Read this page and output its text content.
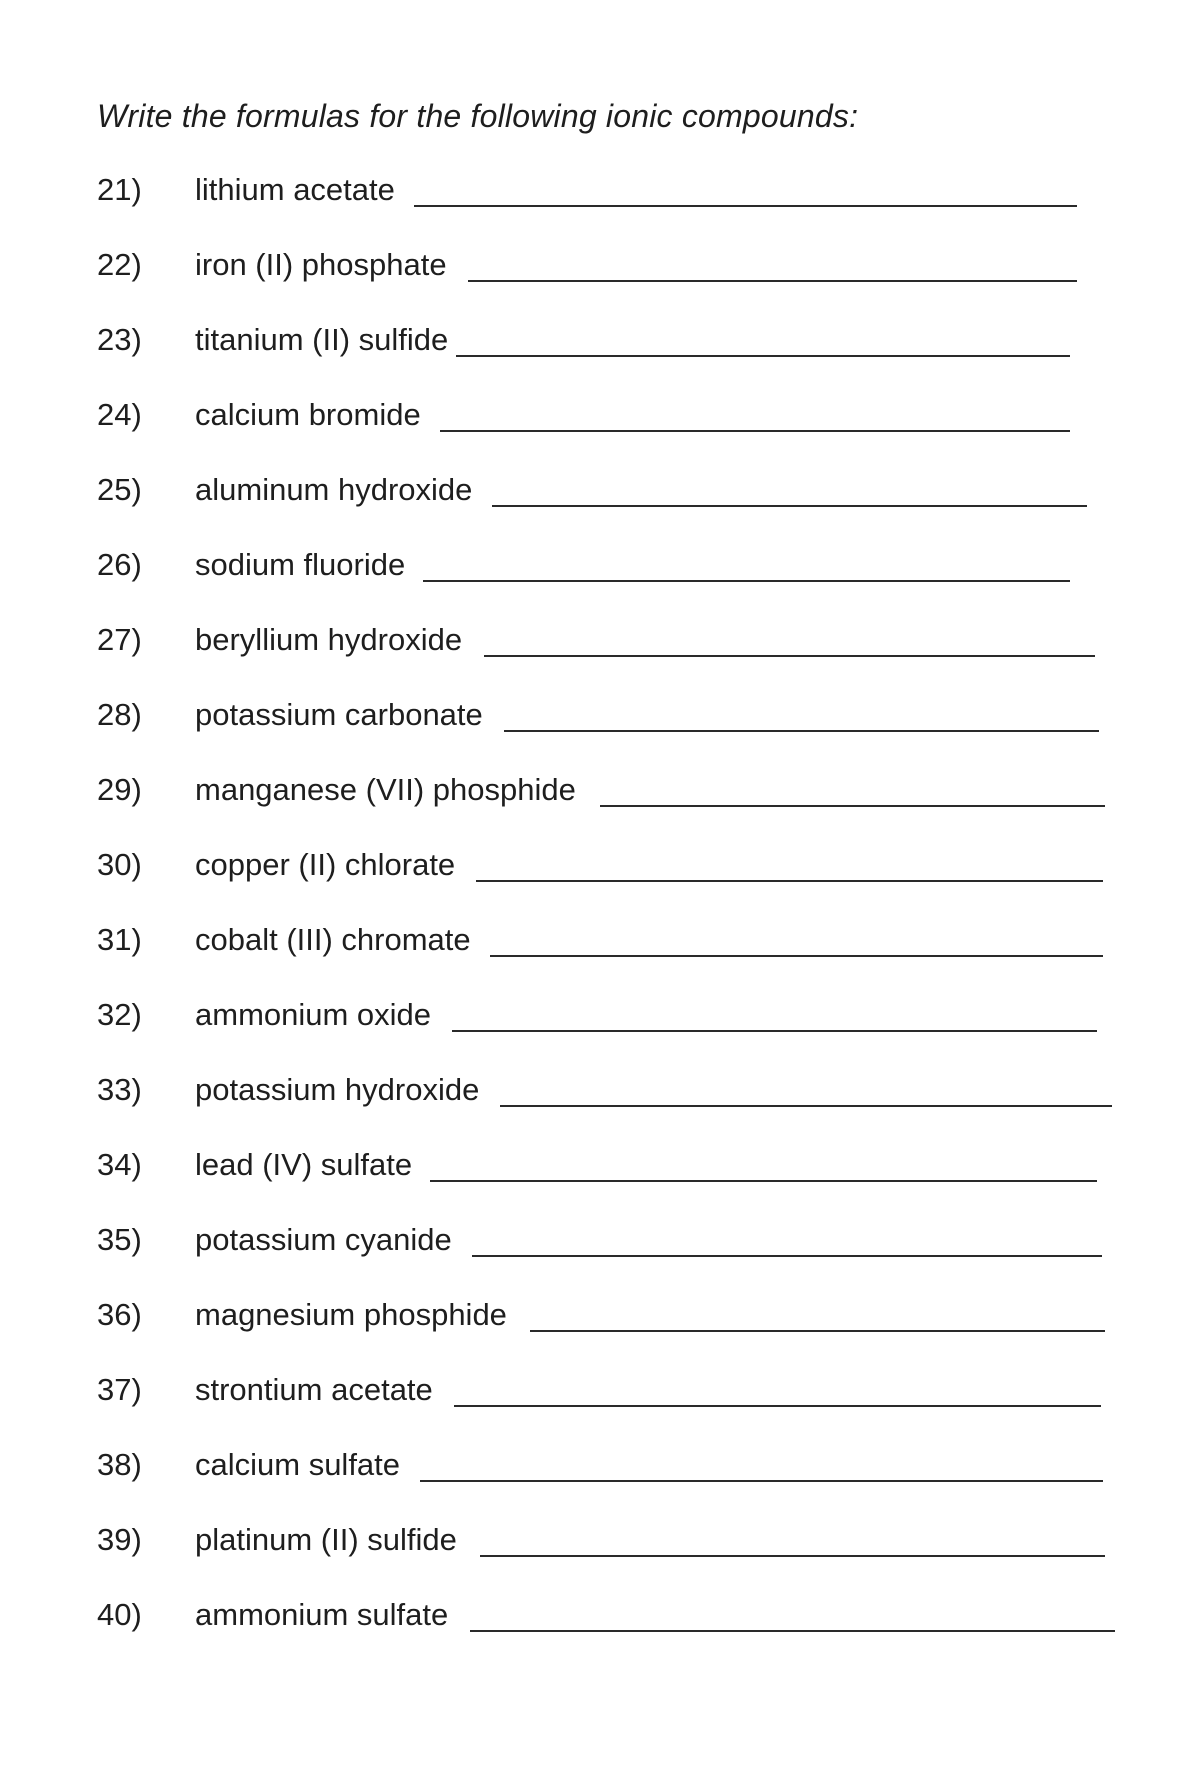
Write the formulas for the following ionic compounds:
21) lithium acetate
22) iron (II) phosphate
23) titanium (II) sulfide
24) calcium bromide
25) aluminum hydroxide
26) sodium fluoride
27) beryllium hydroxide
28) potassium carbonate
29) manganese (VII) phosphide
30) copper (II) chlorate
31) cobalt (III) chromate
32) ammonium oxide
33) potassium hydroxide
34) lead (IV) sulfate
35) potassium cyanide
36) magnesium phosphide
37) strontium acetate
38) calcium sulfate
39) platinum (II) sulfide
40) ammonium sulfate
